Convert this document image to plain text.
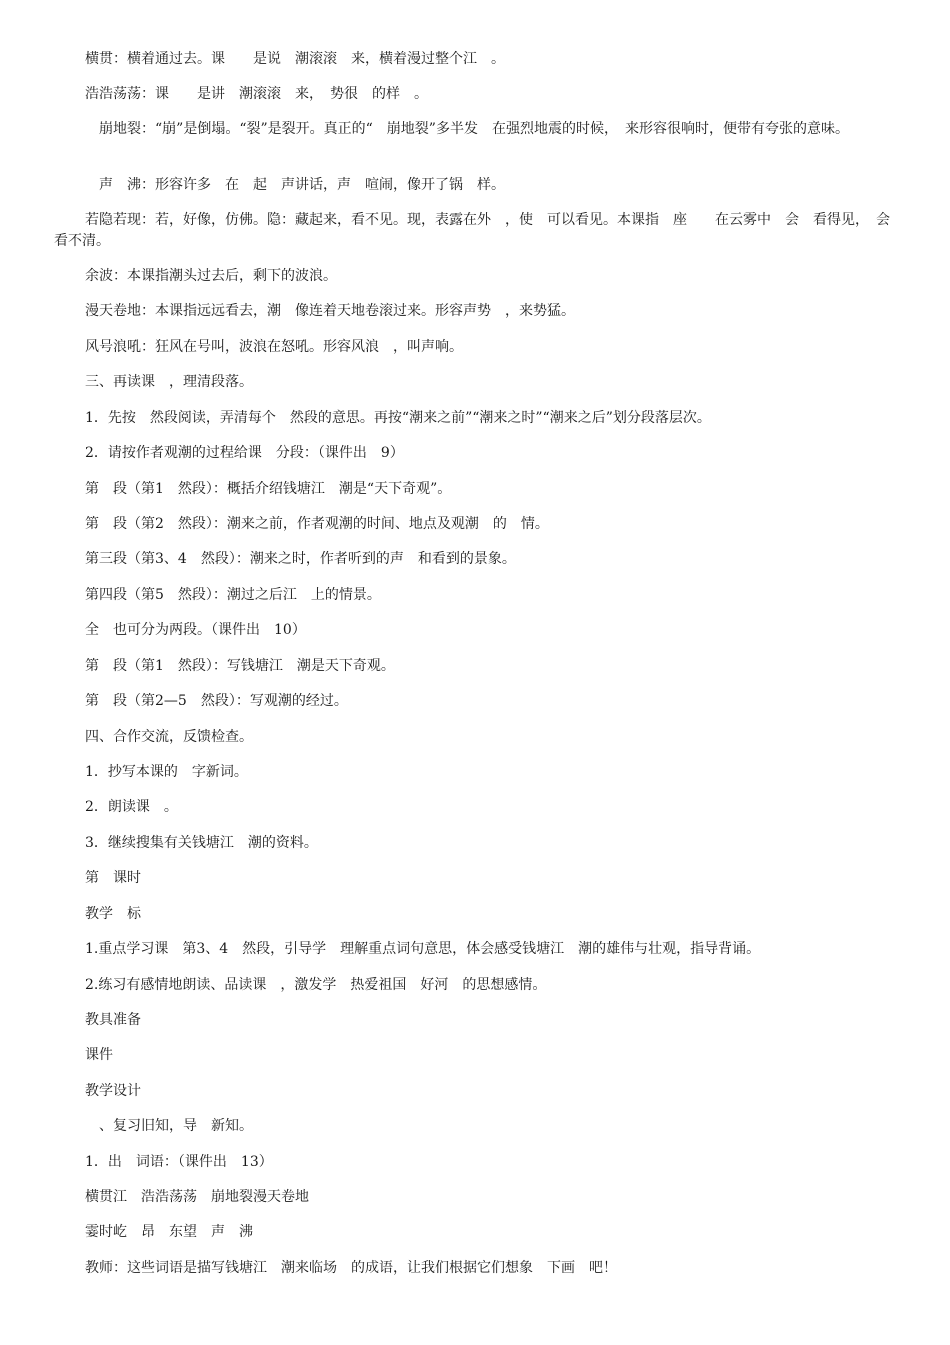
横贯：横着通过去。课　　是说　潮滚滚　来，横着漫过整个江　。

浩浩荡荡：课　　是讲　潮滚滚　来，　势很　的样　。

　崩地裂：“崩”是倒塌。“裂”是裂开。真正的“　崩地裂”多半发　在强烈地震的时候，　来形容很响时，便带有夸张的意味。

　声　沸：形容许多　在　起　声讲话，声　喧闹，像开了锅　样。

若隐若现：若，好像，仿佛。隐：藏起来，看不见。现，表露在外　，使　可以看见。本课指　座　　在云雾中　会　看得见，　会　　看不清。

余波：本课指潮头过去后，剩下的波浪。

漫天卷地：本课指远远看去，潮　像连着天地卷滚过来。形容声势　，来势猛。

风号浪吼：狂风在号叫，波浪在怒吼。形容风浪　，叫声响。

三、再读课　，理清段落。

1．先按　然段阅读，弄清每个　然段的意思。再按“潮来之前”“潮来之时”“潮来之后”划分段落层次。

2．请按作者观潮的过程给课　分段：（课件出　9）

第　段（第1　然段）：概括介绍钱塘江　潮是“天下奇观”。

第　段（第2　然段）：潮来之前，作者观潮的时间、地点及观潮　的　情。

第三段（第3、4　然段）：潮来之时，作者听到的声　和看到的景象。

第四段（第5　然段）：潮过之后江　上的情景。

全　也可分为两段。（课件出　10）

第　段（第1　然段）：写钱塘江　潮是天下奇观。

第　段（第2—5　然段）：写观潮的经过。

四、合作交流，反馈检查。

1．抄写本课的　字新词。

2．朗读课　。

3．继续搜集有关钱塘江　潮的资料。

第　课时

教学　标

1.重点学习课　第3、4　然段，引导学　理解重点词句意思，体会感受钱塘江　潮的雄伟与壮观，指导背诵。

2.练习有感情地朗读、品读课　，激发学　热爱祖国　好河　的思想感情。

教具准备

课件

教学设计

　、复习旧知，导　新知。

1．出　词语：（课件出　13）

横贯江　浩浩荡荡　崩地裂漫天卷地

霎时屹　昂　东望　声　沸

教师：这些词语是描写钱塘江　潮来临场　的成语，让我们根据它们想象　下画　吧！
